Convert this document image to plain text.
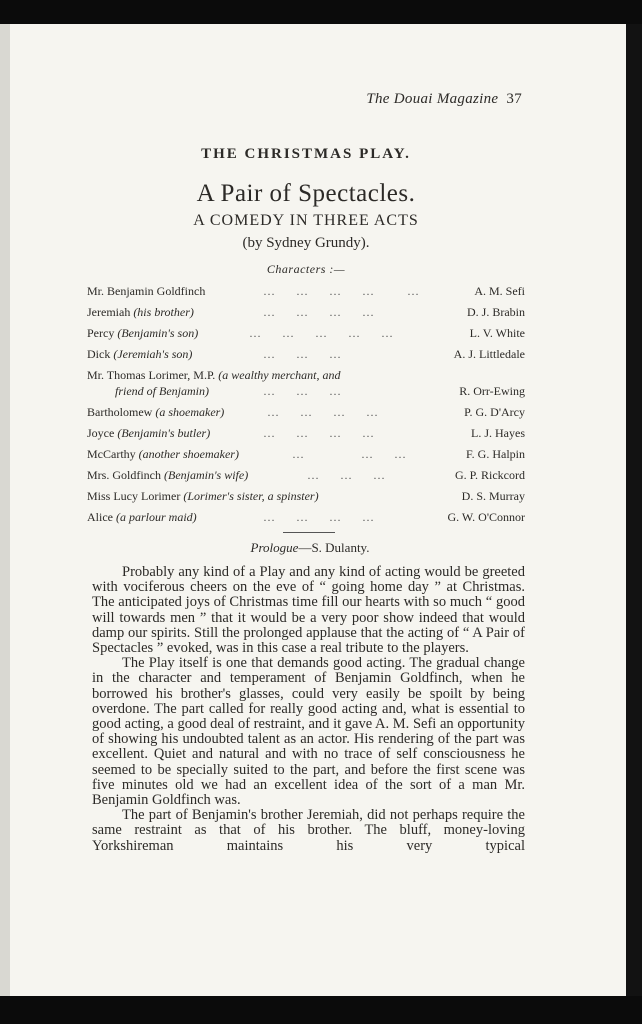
The Douai Magazine 37
THE CHRISTMAS PLAY.
A Pair of Spectacles.
A COMEDY IN THREE ACTS
(by Sydney Grundy).
Characters :—
Mr. Benjamin Goldfinch	…   …   …   …     …	A. M. Sefi
Jeremiah (his brother)	…   …   …   …	D. J. Brabin
Percy (Benjamin's son)	…   …   …   …   …	L. V. White
Dick (Jeremiah's son)	…   …   …	A. J. Littledale
Mr. Thomas Lorimer, M.P. (a wealthy merchant, and
friend of Benjamin)	…   …   …	R. Orr-Ewing
Bartholomew (a shoemaker)	…   …   …   …	P. G. D'Arcy
Joyce (Benjamin's butler)	…   …   …   …	L. J. Hayes
McCarthy (another shoemaker)	…         …   …	F. G. Halpin
Mrs. Goldfinch (Benjamin's wife)	…   …   …	G. P. Rickcord
Miss Lucy Lorimer (Lorimer's sister, a spinster)	D. S. Murray
Alice (a parlour maid)	…   …   …   …	G. W. O'Connor
Prologue—S. Dulanty.

Probably any kind of a Play and any kind of acting would be greeted with vociferous cheers on the eve of “ going home day ” at Christmas. The anticipated joys of Christmas time fill our hearts with so much “ good will towards men ” that it would be a very poor show indeed that would damp our spirits. Still the prolonged applause that the acting of “ A Pair of Spectacles ” evoked, was in this case a real tribute to the players.

The Play itself is one that demands good acting. The gradual change in the character and temperament of Benjamin Goldfinch, when he borrowed his brother's glasses, could very easily be spoilt by being overdone. The part called for really good acting and, what is essential to good acting, a good deal of restraint, and it gave A. M. Sefi an opportunity of showing his undoubted talent as an actor. His rendering of the part was excellent. Quiet and natural and with no trace of self consciousness he seemed to be specially suited to the part, and before the first scene was five minutes old we had an excellent idea of the sort of a man Mr. Benjamin Goldfinch was.

The part of Benjamin's brother Jeremiah, did not perhaps require the same restraint as that of his brother. The bluff, money-loving Yorkshireman maintains his very typical
